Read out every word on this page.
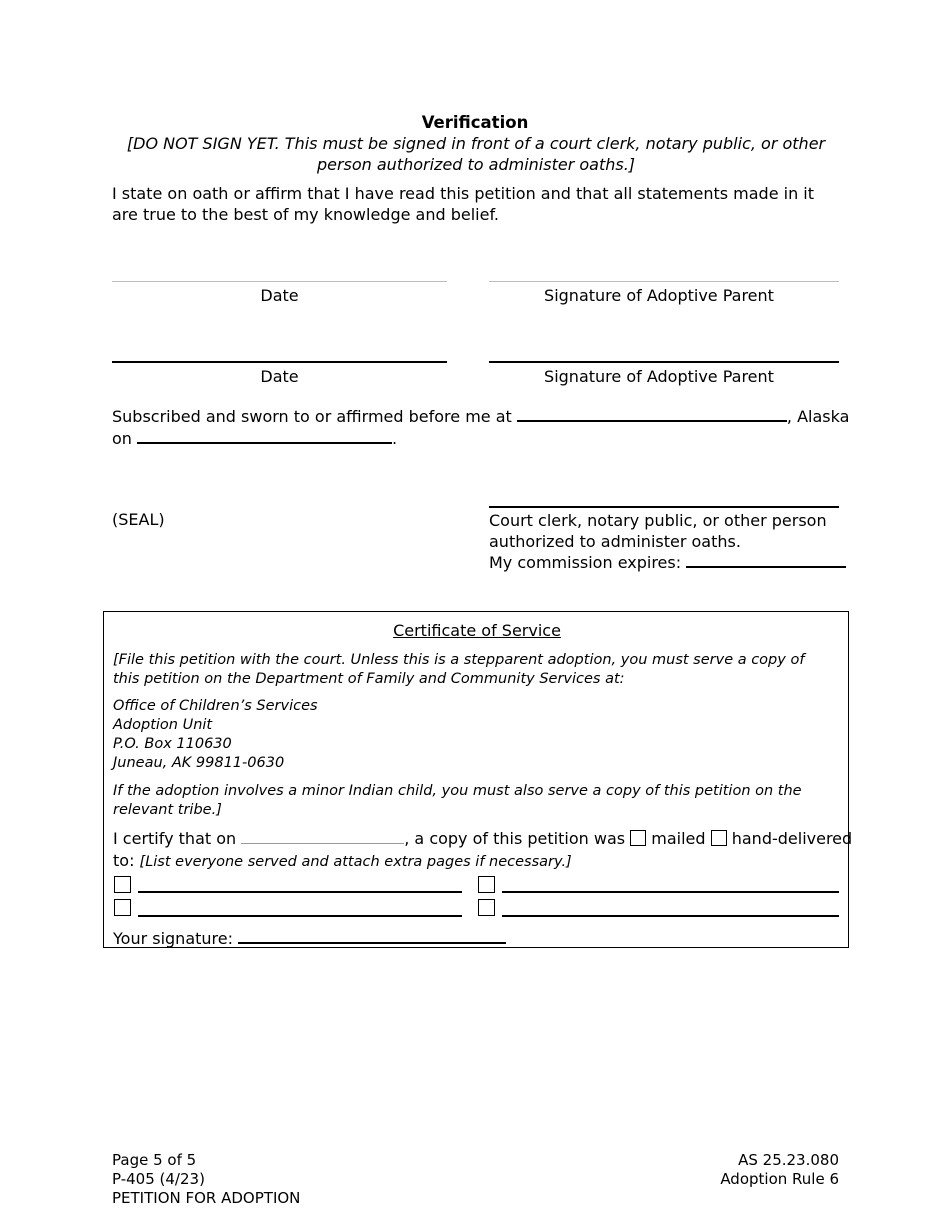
Verification
[DO NOT SIGN YET. This must be signed in front of a court clerk, notary public, or other person authorized to administer oaths.]
I state on oath or affirm that I have read this petition and that all statements made in it are true to the best of my knowledge and belief.
Date	Signature of Adoptive Parent
Date	Signature of Adoptive Parent
Subscribed and sworn to or affirmed before me at	, Alaska
on	.
(SEAL)	Court clerk, notary public, or other person
authorized to administer oaths.
My commission expires:
Certificate of Service
[File this petition with the court. Unless this is a stepparent adoption, you must serve a copy of this petition on the Department of Family and Community Services at:
Office of Children’s Services
Adoption Unit
P.O. Box 110630
Juneau, AK 99811-0630
If the adoption involves a minor Indian child, you must also serve a copy of this petition on the relevant tribe.]
I certify that on	, a copy of this petition was mailed hand-delivered
to: [List everyone served and attach extra pages if necessary.]
Your signature:
Page 5 of 5
P-405 (4/23)
PETITION FOR ADOPTION
AS 25.23.080
Adoption Rule 6
